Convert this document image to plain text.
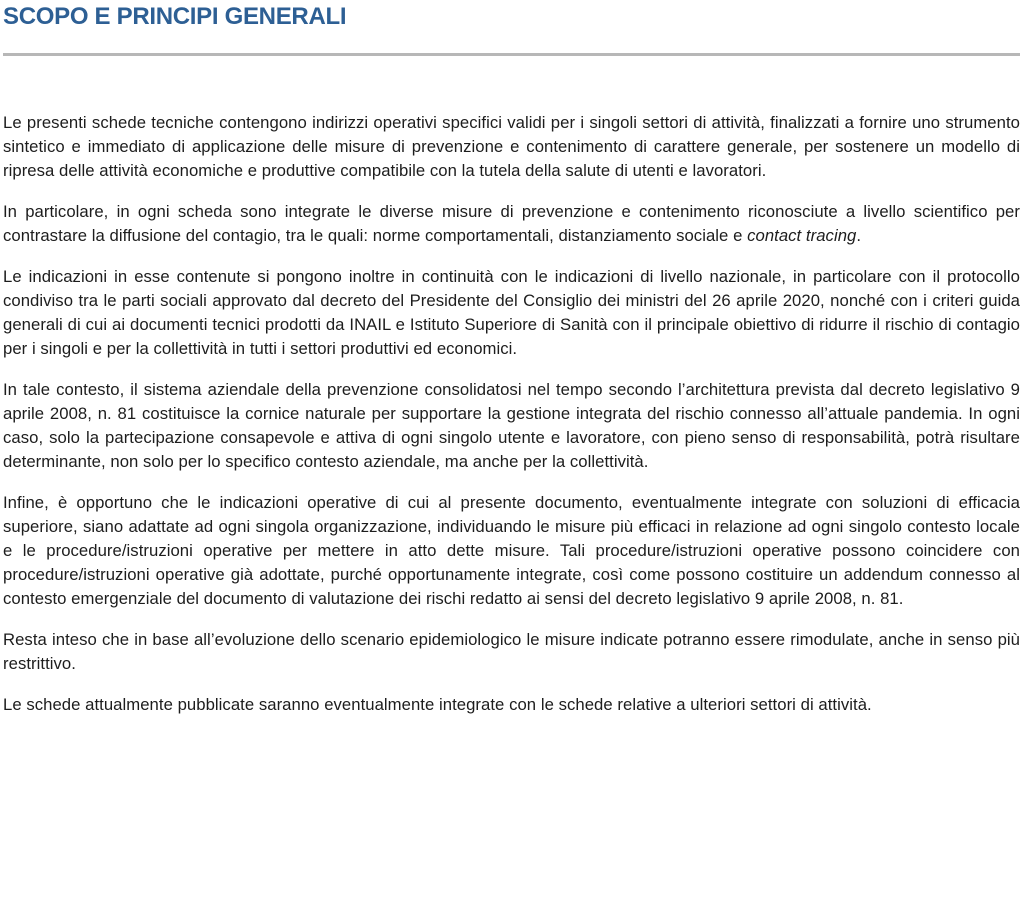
SCOPO E PRINCIPI GENERALI

Le presenti schede tecniche contengono indirizzi operativi specifici validi per i singoli settori di attività, finalizzati a fornire uno strumento sintetico e immediato di applicazione delle misure di prevenzione e contenimento di carattere generale, per sostenere un modello di ripresa delle attività economiche e produttive compatibile con la tutela della salute di utenti e lavoratori.

In particolare, in ogni scheda sono integrate le diverse misure di prevenzione e contenimento riconosciute a livello scientifico per contrastare la diffusione del contagio, tra le quali: norme comportamentali, distanziamento sociale e contact tracing.

Le indicazioni in esse contenute si pongono inoltre in continuità con le indicazioni di livello nazionale, in particolare con il protocollo condiviso tra le parti sociali approvato dal decreto del Presidente del Consiglio dei ministri del 26 aprile 2020, nonché con i criteri guida generali di cui ai documenti tecnici prodotti da INAIL e Istituto Superiore di Sanità con il principale obiettivo di ridurre il rischio di contagio per i singoli e per la collettività in tutti i settori produttivi ed economici.

In tale contesto, il sistema aziendale della prevenzione consolidatosi nel tempo secondo l’architettura prevista dal decreto legislativo 9 aprile 2008, n. 81 costituisce la cornice naturale per supportare la gestione integrata del rischio connesso all’attuale pandemia. In ogni caso, solo la partecipazione consapevole e attiva di ogni singolo utente e lavoratore, con pieno senso di responsabilità, potrà risultare determinante, non solo per lo specifico contesto aziendale, ma anche per la collettività.

Infine, è opportuno che le indicazioni operative di cui al presente documento, eventualmente integrate con soluzioni di efficacia superiore, siano adattate ad ogni singola organizzazione, individuando le misure più efficaci in relazione ad ogni singolo contesto locale e le procedure/istruzioni operative per mettere in atto dette misure. Tali procedure/istruzioni operative possono coincidere con procedure/istruzioni operative già adottate, purché opportunamente integrate, così come possono costituire un addendum connesso al contesto emergenziale del documento di valutazione dei rischi redatto ai sensi del decreto legislativo 9 aprile 2008, n. 81.

Resta inteso che in base all’evoluzione dello scenario epidemiologico le misure indicate potranno essere rimodulate, anche in senso più restrittivo.

Le schede attualmente pubblicate saranno eventualmente integrate con le schede relative a ulteriori settori di attività.
